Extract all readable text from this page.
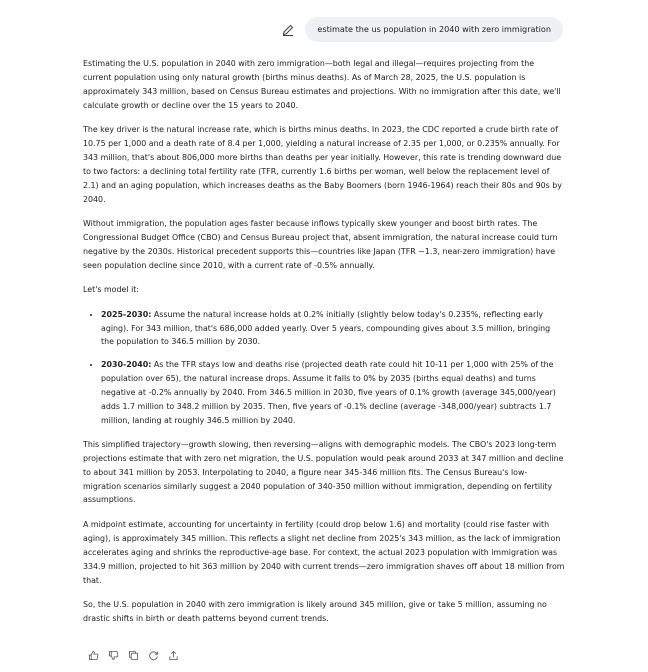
estimate the us population in 2040 with zero immigration

Estimating the U.S. population in 2040 with zero immigration—both legal and illegal—requires projecting from the current population using only natural growth (births minus deaths). As of March 28, 2025, the U.S. population is approximately 343 million, based on Census Bureau estimates and projections. With no immigration after this date, we'll calculate growth or decline over the 15 years to 2040.

The key driver is the natural increase rate, which is births minus deaths. In 2023, the CDC reported a crude birth rate of 10.75 per 1,000 and a death rate of 8.4 per 1,000, yielding a natural increase of 2.35 per 1,000, or 0.235% annually. For 343 million, that's about 806,000 more births than deaths per year initially. However, this rate is trending downward due to two factors: a declining total fertility rate (TFR, currently 1.6 births per woman, well below the replacement level of 2.1) and an aging population, which increases deaths as the Baby Boomers (born 1946-1964) reach their 80s and 90s by 2040.

Without immigration, the population ages faster because inflows typically skew younger and boost birth rates. The Congressional Budget Office (CBO) and Census Bureau project that, absent immigration, the natural increase could turn negative by the 2030s. Historical precedent supports this—countries like Japan (TFR ~1.3, near-zero immigration) have seen population decline since 2010, with a current rate of -0.5% annually.

Let's model it:

• 2025-2030: Assume the natural increase holds at 0.2% initially (slightly below today's 0.235%, reflecting early aging). For 343 million, that's 686,000 added yearly. Over 5 years, compounding gives about 3.5 million, bringing the population to 346.5 million by 2030.
• 2030-2040: As the TFR stays low and deaths rise (projected death rate could hit 10-11 per 1,000 with 25% of the population over 65), the natural increase drops. Assume it falls to 0% by 2035 (births equal deaths) and turns negative at -0.2% annually by 2040. From 346.5 million in 2030, five years of 0.1% growth (average 345,000/year) adds 1.7 million to 348.2 million by 2035. Then, five years of -0.1% decline (average -348,000/year) subtracts 1.7 million, landing at roughly 346.5 million by 2040.

This simplified trajectory—growth slowing, then reversing—aligns with demographic models. The CBO's 2023 long-term projections estimate that with zero net migration, the U.S. population would peak around 2033 at 347 million and decline to about 341 million by 2053. Interpolating to 2040, a figure near 345-346 million fits. The Census Bureau's low-migration scenarios similarly suggest a 2040 population of 340-350 million without immigration, depending on fertility assumptions.

A midpoint estimate, accounting for uncertainty in fertility (could drop below 1.6) and mortality (could rise faster with aging), is approximately 345 million. This reflects a slight net decline from 2025's 343 million, as the lack of immigration accelerates aging and shrinks the reproductive-age base. For context, the actual 2023 population with immigration was 334.9 million, projected to hit 363 million by 2040 with current trends—zero immigration shaves off about 18 million from that.

So, the U.S. population in 2040 with zero immigration is likely around 345 million, give or take 5 million, assuming no drastic shifts in birth or death patterns beyond current trends.
